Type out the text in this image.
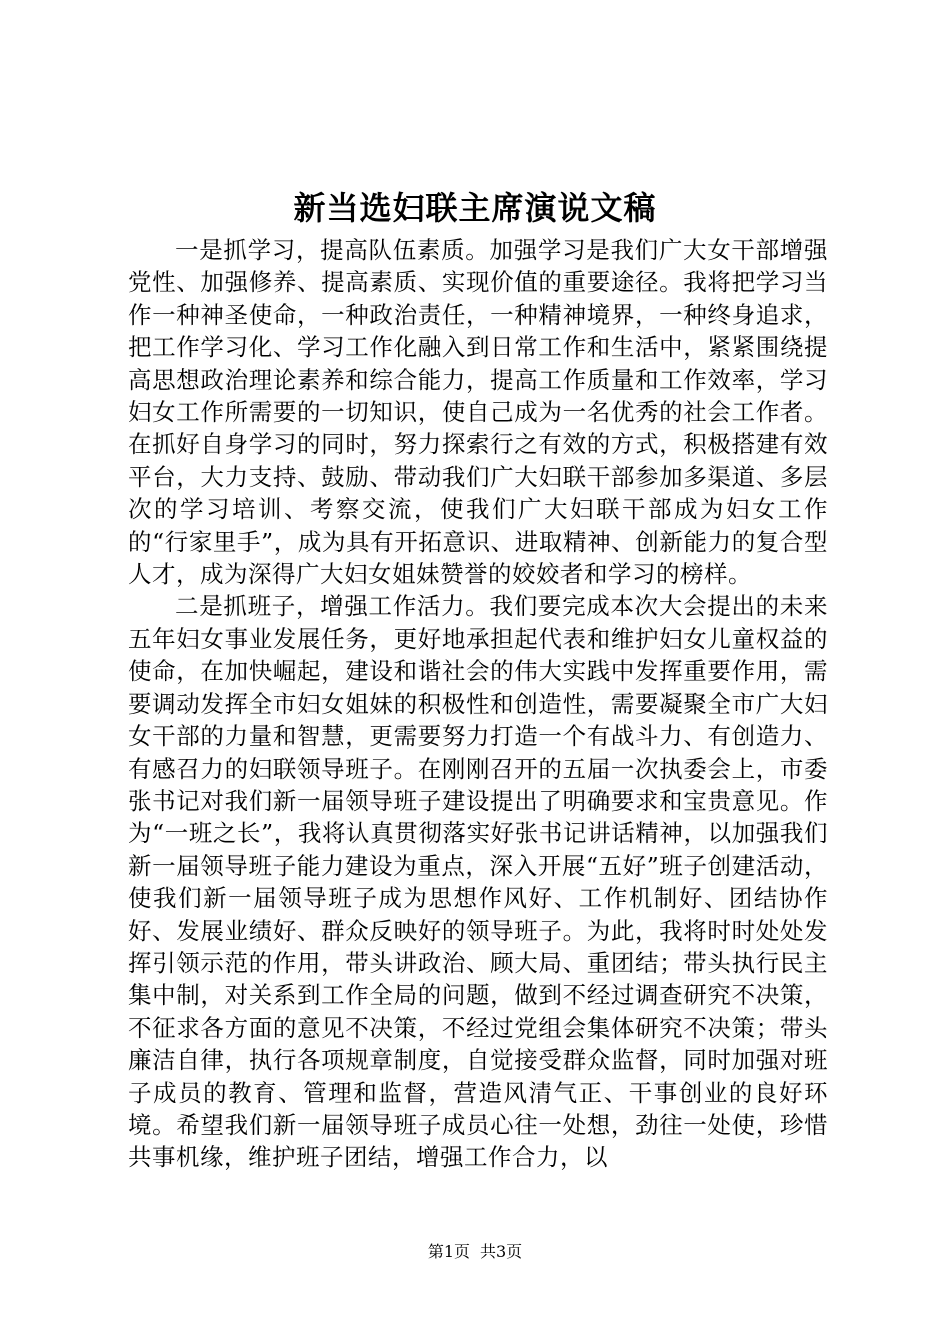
新当选妇联主席演说文稿

一是抓学习，提高队伍素质。加强学习是我们广大女干部增强党性、加强修养、提高素质、实现价值的重要途径。我将把学习当作一种神圣使命，一种政治责任，一种精神境界，一种终身追求，把工作学习化、学习工作化融入到日常工作和生活中，紧紧围绕提高思想政治理论素养和综合能力，提高工作质量和工作效率，学习妇女工作所需要的一切知识，使自己成为一名优秀的社会工作者。在抓好自身学习的同时，努力探索行之有效的方式，积极搭建有效平台，大力支持、鼓励、带动我们广大妇联干部参加多渠道、多层次的学习培训、考察交流，使我们广大妇联干部成为妇女工作的“行家里手”，成为具有开拓意识、进取精神、创新能力的复合型人才，成为深得广大妇女姐妹赞誉的姣姣者和学习的榜样。

二是抓班子，增强工作活力。我们要完成本次大会提出的未来五年妇女事业发展任务，更好地承担起代表和维护妇女儿童权益的使命，在加快崛起，建设和谐社会的伟大实践中发挥重要作用，需要调动发挥全市妇女姐妹的积极性和创造性，需要凝聚全市广大妇女干部的力量和智慧，更需要努力打造一个有战斗力、有创造力、有感召力的妇联领导班子。在刚刚召开的五届一次执委会上，市委张书记对我们新一届领导班子建设提出了明确要求和宝贵意见。作为“一班之长”，我将认真贯彻落实好张书记讲话精神，以加强我们新一届领导班子能力建设为重点，深入开展“五好”班子创建活动，使我们新一届领导班子成为思想作风好、工作机制好、团结协作好、发展业绩好、群众反映好的领导班子。为此，我将时时处处发挥引领示范的作用，带头讲政治、顾大局、重团结；带头执行民主集中制，对关系到工作全局的问题，做到不经过调查研究不决策，不征求各方面的意见不决策，不经过党组会集体研究不决策；带头廉洁自律，执行各项规章制度，自觉接受群众监督，同时加强对班子成员的教育、管理和监督，营造风清气正、干事创业的良好环境。希望我们新一届领导班子成员心往一处想，劲往一处使，珍惜共事机缘，维护班子团结，增强工作合力，以

第1页 共3页
